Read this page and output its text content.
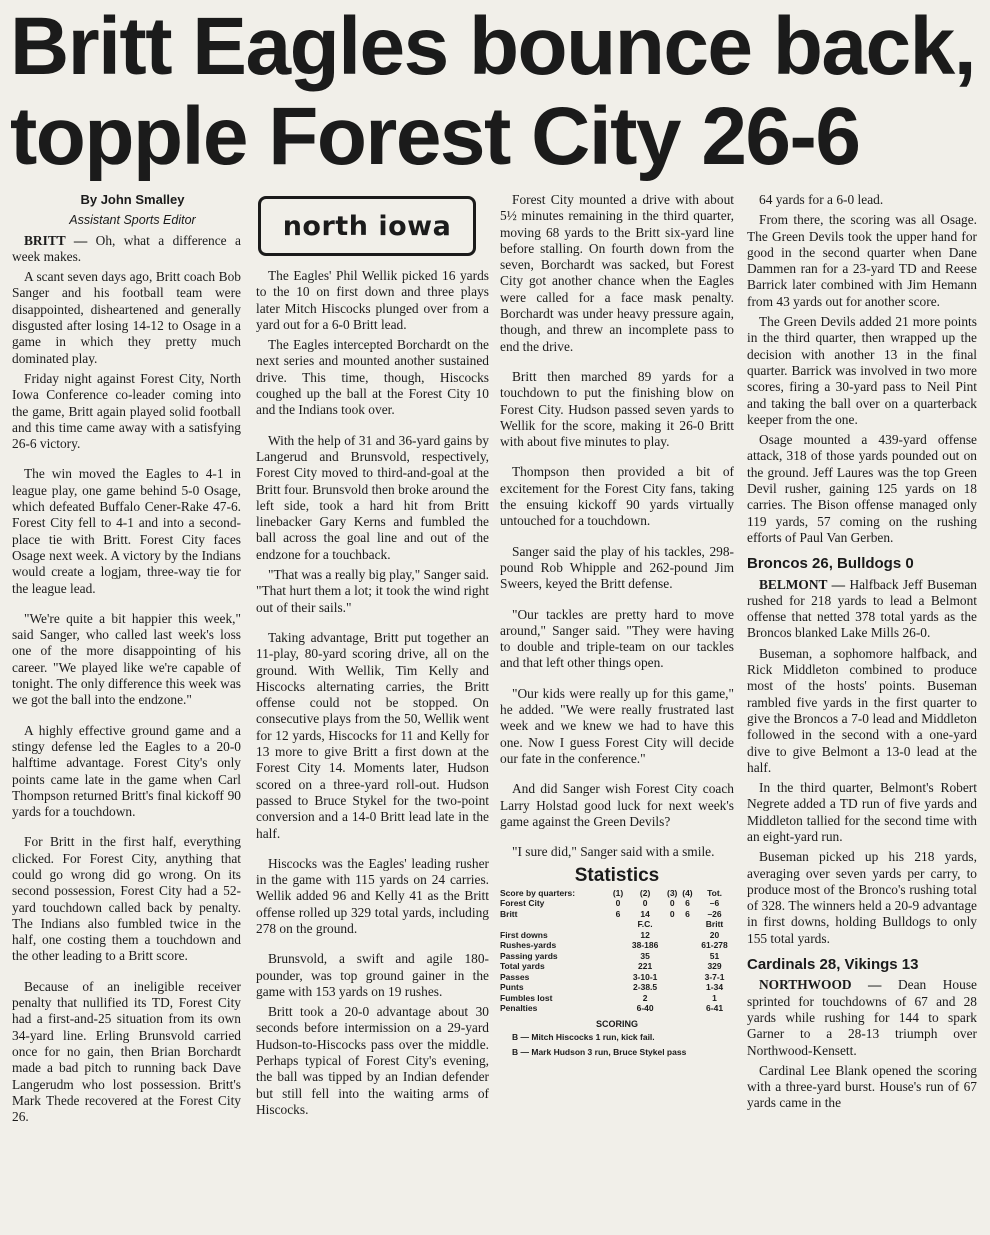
Britt Eagles bounce back, topple Forest City 26-6
north iowa

By John Smalley

Assistant Sports Editor

BRITT — Oh, what a difference a week makes.

A scant seven days ago, Britt coach Bob Sanger and his football team were disappointed, disheartened and generally disgusted after losing 14-12 to Osage in a game in which they pretty much dominated play.

Friday night against Forest City, North Iowa Conference co-leader coming into the game, Britt again played solid football and this time came away with a satisfying 26-6 victory.

The win moved the Eagles to 4-1 in league play, one game behind 5-0 Osage, which defeated Buffalo Cener-Rake 47-6. Forest City fell to 4-1 and into a second-place tie with Britt. Forest City faces Osage next week. A victory by the Indians would create a logjam, three-way tie for the league lead.

"We're quite a bit happier this week," said Sanger, who called last week's loss one of the more disappointing of his career. "We played like we're capable of tonight. The only difference this week was we got the ball into the endzone."

A highly effective ground game and a stingy defense led the Eagles to a 20-0 halftime advantage. Forest City's only points came late in the game when Carl Thompson returned Britt's final kickoff 90 yards for a touchdown.

For Britt in the first half, everything clicked. For Forest City, anything that could go wrong did go wrong. On its second possession, Forest City had a 52-yard touchdown called back by penalty. The Indians also fumbled twice in the half, one costing them a touchdown and the other leading to a Britt score.

Because of an ineligible receiver penalty that nullified its TD, Forest City had a first-and-25 situation from its own 34-yard line. Erling Brunsvold carried once for no gain, then Brian Borchardt made a bad pitch to running back Dave Langerudm who lost possession. Britt's Mark Thede recovered at the Forest City 26.

The Eagles' Phil Wellik picked 16 yards to the 10 on first down and three plays later Mitch Hiscocks plunged over from a yard out for a 6-0 Britt lead.

The Eagles intercepted Borchardt on the next series and mounted another sustained drive. This time, though, Hiscocks coughed up the ball at the Forest City 10 and the Indians took over.

With the help of 31 and 36-yard gains by Langerud and Brunsvold, respectively, Forest City moved to third-and-goal at the Britt four. Brunsvold then broke around the left side, took a hard hit from Britt linebacker Gary Kerns and fumbled the ball across the goal line and out of the endzone for a touchback.

"That was a really big play," Sanger said. "That hurt them a lot; it took the wind right out of their sails."

Taking advantage, Britt put together an 11-play, 80-yard scoring drive, all on the ground. With Wellik, Tim Kelly and Hiscocks alternating carries, the Britt offense could not be stopped. On consecutive plays from the 50, Wellik went for 12 yards, Hiscocks for 11 and Kelly for 13 more to give Britt a first down at the Forest City 14. Moments later, Hudson scored on a three-yard roll-out. Hudson passed to Bruce Stykel for the two-point conversion and a 14-0 Britt lead late in the half.

Hiscocks was the Eagles' leading rusher in the game with 115 yards on 24 carries. Wellik added 96 and Kelly 41 as the Britt offense rolled up 329 total yards, including 278 on the ground.

Brunsvold, a swift and agile 180-pounder, was top ground gainer in the game with 153 yards on 19 rushes.

Britt took a 20-0 advantage about 30 seconds before intermission on a 29-yard Hudson-to-Hiscocks pass over the middle. Perhaps typical of Forest City's evening, the ball was tipped by an Indian defender but still fell into the waiting arms of Hiscocks.

Forest City mounted a drive with about 5½ minutes remaining in the third quarter, moving 68 yards to the Britt six-yard line before stalling. On fourth down from the seven, Borchardt was sacked, but Forest City got another chance when the Eagles were called for a face mask penalty. Borchardt was under heavy pressure again, though, and threw an incomplete pass to end the drive.

Britt then marched 89 yards for a touchdown to put the finishing blow on Forest City. Hudson passed seven yards to Wellik for the score, making it 26-0 Britt with about five minutes to play.

Thompson then provided a bit of excitement for the Forest City fans, taking the ensuing kickoff 90 yards virtually untouched for a touchdown.

Sanger said the play of his tackles, 298-pound Rob Whipple and 262-pound Jim Sweers, keyed the Britt defense.

"Our tackles are pretty hard to move around," Sanger said. "They were having to double and triple-team on our tackles and that left other things open.

"Our kids were really up for this game," he added. "We were really frustrated last week and we knew we had to have this one. Now I guess Forest City will decide our fate in the conference."

And did Sanger wish Forest City coach Larry Holstad good luck for next week's game against the Green Devils?

"I sure did," Sanger said with a smile.

Statistics
Score by quarters:	(1)	(2)	(3)	(4)	Tot.
Forest City	0	0	0	6	–6
Britt	6	14	0	6	–26
		F.C.			Britt
First downs		12			20
Rushes-yards		38-186			61-278
Passing yards		35			51
Total yards		221			329
Passes		3-10-1			3-7-1
Punts		2-38.5			1-34
Fumbles lost		2			1
Penalties		6-40			6-41
SCORING

B — Mitch Hiscocks 1 run, kick fail.

B — Mark Hudson 3 run, Bruce Stykel pass

64 yards for a 6-0 lead.

From there, the scoring was all Osage. The Green Devils took the upper hand for good in the second quarter when Dane Dammen ran for a 23-yard TD and Reese Barrick later combined with Jim Hemann from 43 yards out for another score.

The Green Devils added 21 more points in the third quarter, then wrapped up the decision with another 13 in the final quarter. Barrick was involved in two more scores, firing a 30-yard pass to Neil Pint and taking the ball over on a quarterback keeper from the one.

Osage mounted a 439-yard offense attack, 318 of those yards pounded out on the ground. Jeff Laures was the top Green Devil rusher, gaining 125 yards on 18 carries. The Bison offense managed only 119 yards, 57 coming on the rushing efforts of Paul Van Gerben.

Broncos 26, Bulldogs 0

BELMONT — Halfback Jeff Buseman rushed for 218 yards to lead a Belmont offense that netted 378 total yards as the Broncos blanked Lake Mills 26-0.

Buseman, a sophomore halfback, and Rick Middleton combined to produce most of the hosts' points. Buseman rambled five yards in the first quarter to give the Broncos a 7-0 lead and Middleton followed in the second with a one-yard dive to give Belmont a 13-0 lead at the half.

In the third quarter, Belmont's Robert Negrete added a TD run of five yards and Middleton tallied for the second time with an eight-yard run.

Buseman picked up his 218 yards, averaging over seven yards per carry, to produce most of the Bronco's rushing total of 328. The winners held a 20-9 advantage in first downs, holding Bulldogs to only 155 total yards.

Cardinals 28, Vikings 13

NORTHWOOD — Dean House sprinted for touchdowns of 67 and 28 yards while rushing for 144 to spark Garner to a 28-13 triumph over Northwood-Kensett.

Cardinal Lee Blank opened the scoring with a three-yard burst. House's run of 67 yards came in the
